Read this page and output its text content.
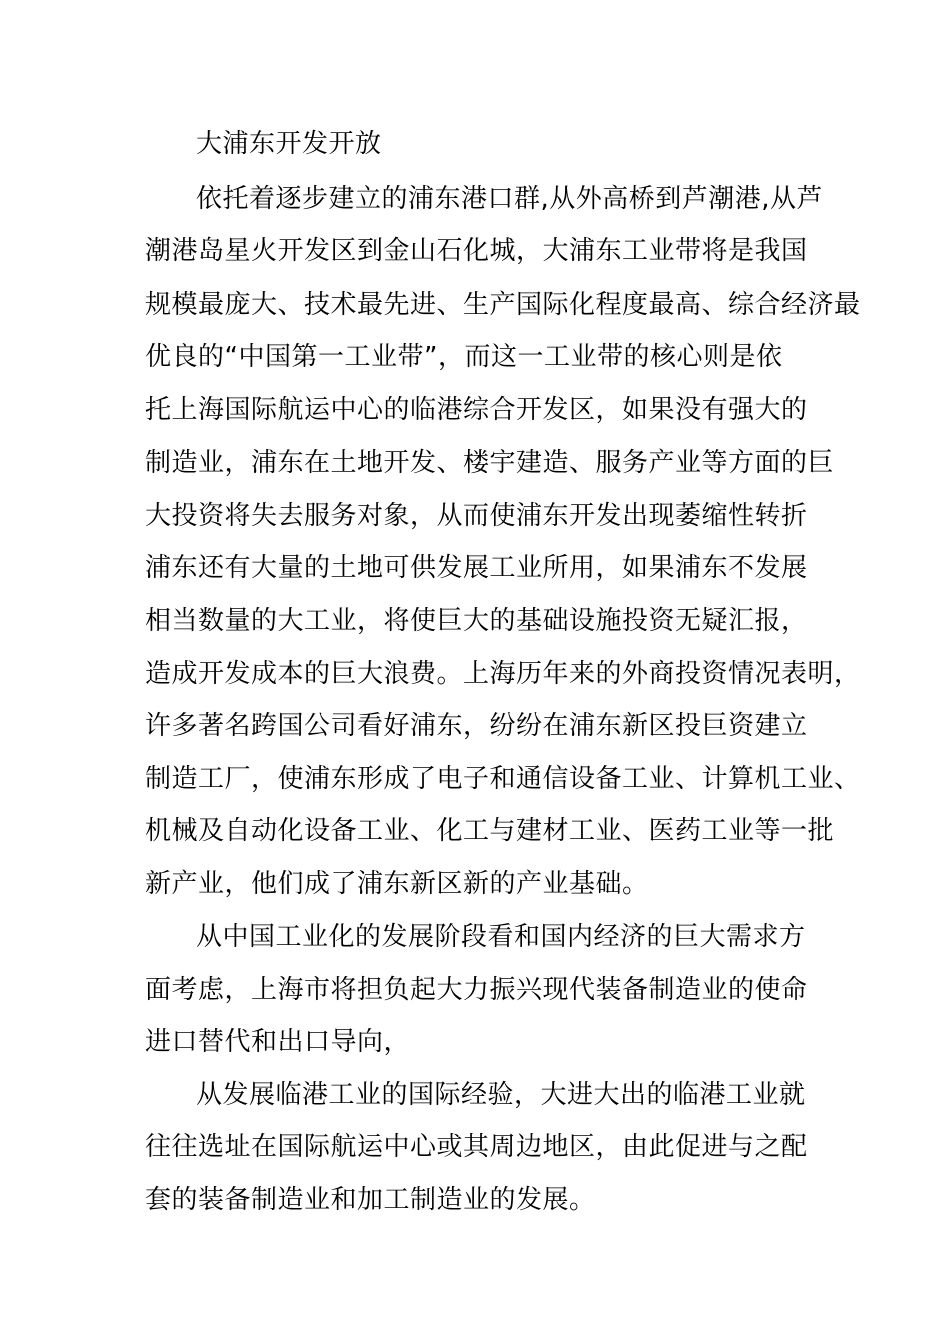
大浦东开发开放
依托着逐步建立的浦东港口群,从外高桥到芦潮港,从芦
潮港岛星火开发区到金山石化城，大浦东工业带将是我国
规模最庞大、技术最先进、生产国际化程度最高、综合经济最
优良的“中国第一工业带”，而这一工业带的核心则是依
托上海国际航运中心的临港综合开发区，如果没有强大的
制造业，浦东在土地开发、楼宇建造、服务产业等方面的巨
大投资将失去服务对象，从而使浦东开发出现萎缩性转折
浦东还有大量的土地可供发展工业所用，如果浦东不发展
相当数量的大工业，将使巨大的基础设施投资无疑汇报，
造成开发成本的巨大浪费。上海历年来的外商投资情况表明，
许多著名跨国公司看好浦东，纷纷在浦东新区投巨资建立
制造工厂，使浦东形成了电子和通信设备工业、计算机工业、
机械及自动化设备工业、化工与建材工业、医药工业等一批
新产业，他们成了浦东新区新的产业基础。
从中国工业化的发展阶段看和国内经济的巨大需求方
面考虑，上海市将担负起大力振兴现代装备制造业的使命
进口替代和出口导向，
从发展临港工业的国际经验，大进大出的临港工业就
往往选址在国际航运中心或其周边地区，由此促进与之配
套的装备制造业和加工制造业的发展。
